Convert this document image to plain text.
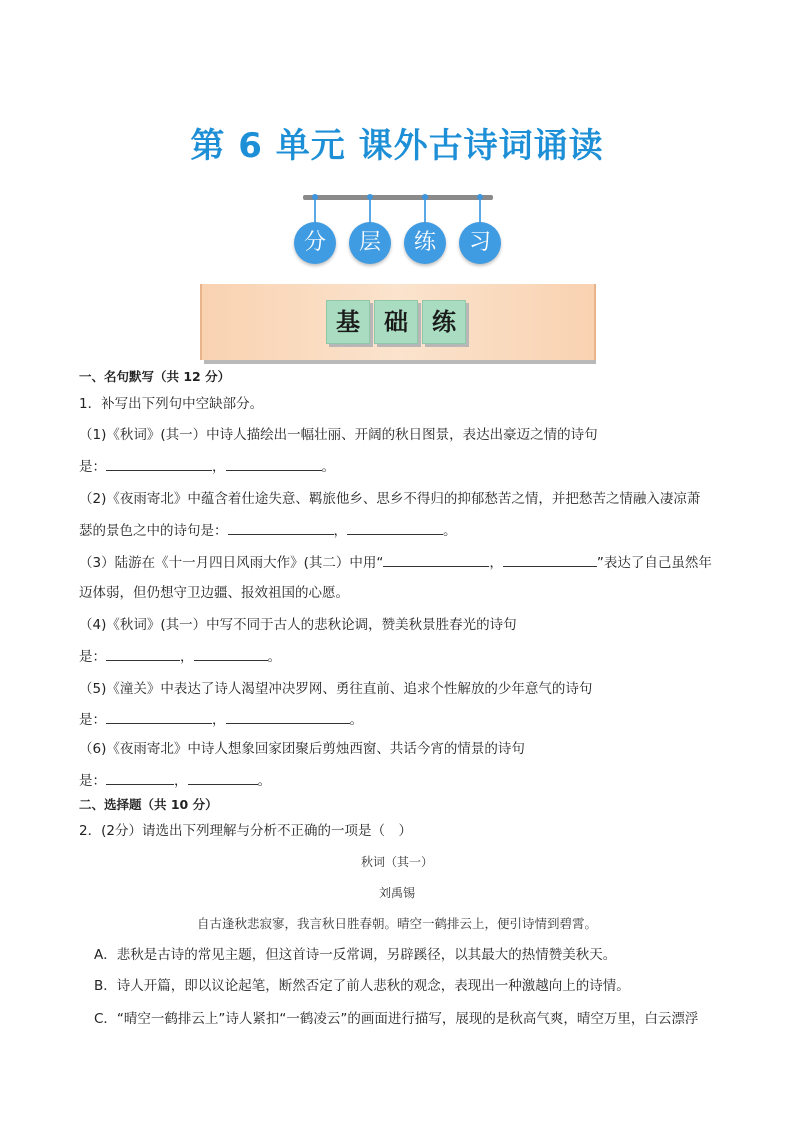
第 6 单元 课外古诗词诵读
分	层	练	习
基	础	练
一、名句默写（共 12 分）
1．补写出下列句中空缺部分。
（1)《秋词》(其一）中诗人描绘出一幅壮丽、开阔的秋日图景，表达出豪迈之情的诗句
是：	，	。
（2)《夜雨寄北》中蕴含着仕途失意、羁旅他乡、思乡不得归的抑郁愁苦之情，并把愁苦之情融入凄凉萧
瑟的景色之中的诗句是：	，	。
（3）陆游在《十一月四日风雨大作》(其二）中用“	，	”表达了自己虽然年
迈体弱，但仍想守卫边疆、报效祖国的心愿。
（4)《秋词》(其一）中写不同于古人的悲秋论调，赞美秋景胜春光的诗句
是：	，	。
（5)《潼关》中表达了诗人渴望冲决罗网、勇往直前、追求个性解放的少年意气的诗句
是：	，	。
（6)《夜雨寄北》中诗人想象回家团聚后剪烛西窗、共话今宵的情景的诗句
是：	，	。
二、选择题（共 10 分）
2．(2分）请选出下列理解与分析不正确的一项是（　）
秋词（其一）
刘禹锡
自古逢秋悲寂寥，我言秋日胜春朝。晴空一鹤排云上，便引诗情到碧霄。
A．悲秋是古诗的常见主题，但这首诗一反常调，另辟蹊径，以其最大的热情赞美秋天。
B．诗人开篇，即以议论起笔，断然否定了前人悲秋的观念，表现出一种激越向上的诗情。
C．“晴空一鹤排云上”诗人紧扣“一鹤凌云”的画面进行描写，展现的是秋高气爽，晴空万里，白云漂浮
